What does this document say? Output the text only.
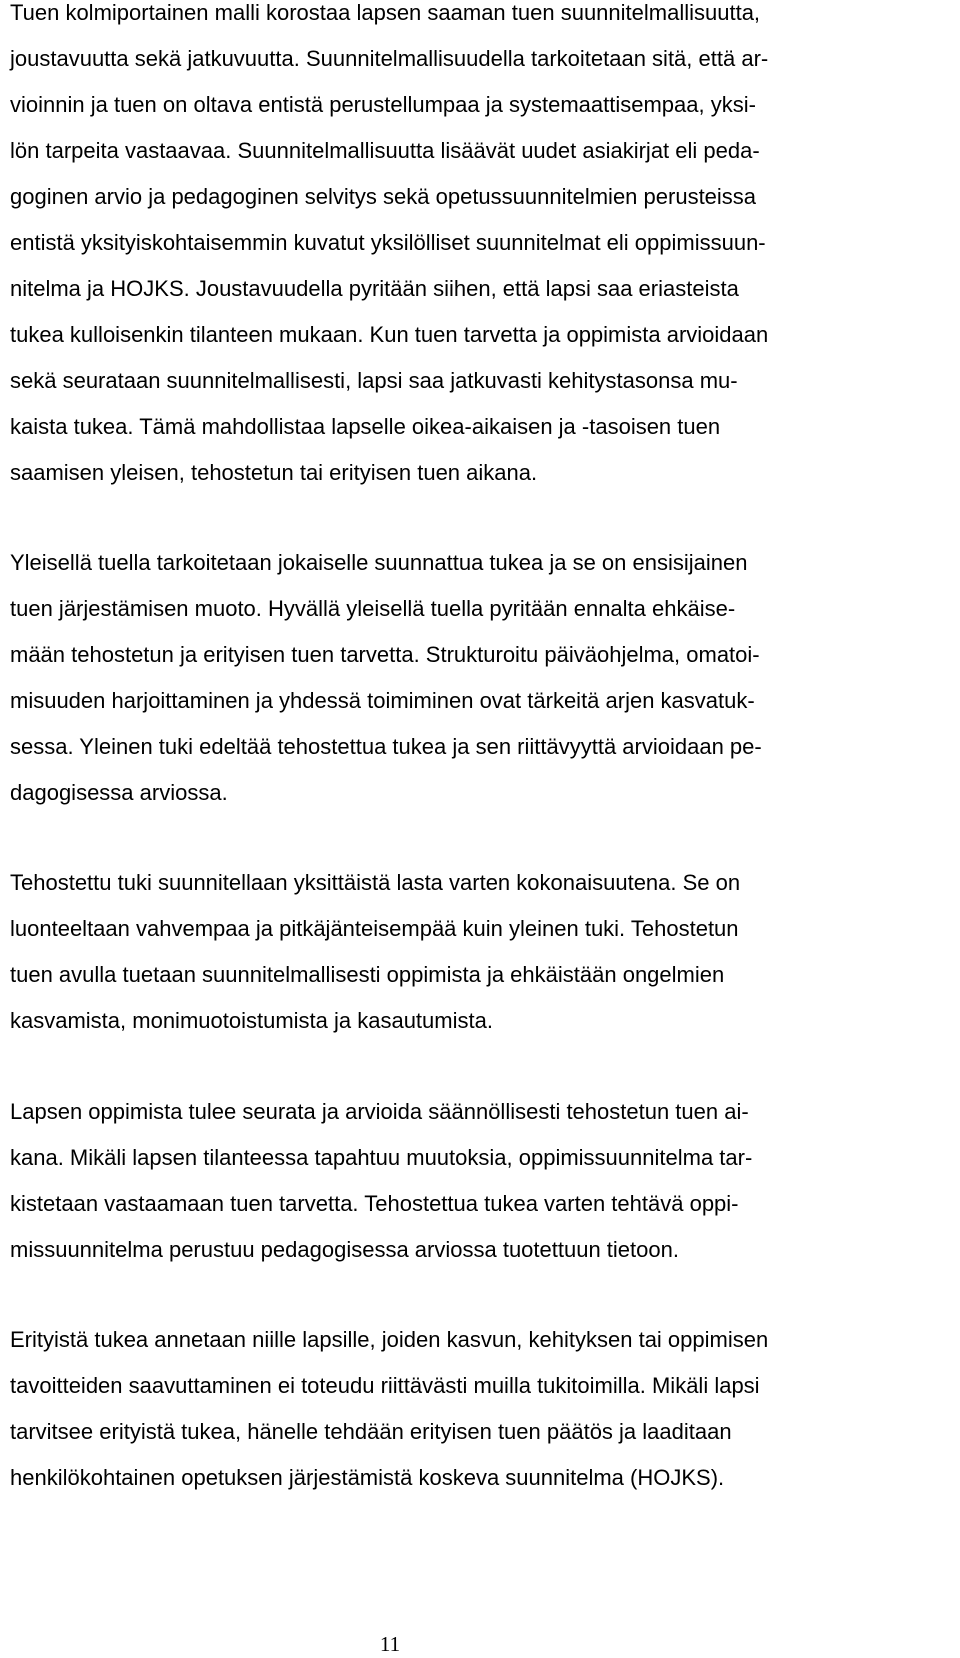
Tuen kolmiportainen malli korostaa lapsen saaman tuen suunnitelmallisuutta,
joustavuutta sekä jatkuvuutta. Suunnitelmallisuudella tarkoitetaan sitä, että ar-
vioinnin ja tuen on oltava entistä perustellumpaa ja systemaattisempaa, yksi-
lön tarpeita vastaavaa. Suunnitelmallisuutta lisäävät uudet asiakirjat eli peda-
goginen arvio ja pedagoginen selvitys sekä opetussuunnitelmien perusteissa
entistä yksityiskohtaisemmin kuvatut yksilölliset suunnitelmat eli oppimissuun-
nitelma ja HOJKS. Joustavuudella pyritään siihen, että lapsi saa eriasteista
tukea kulloisenkin tilanteen mukaan. Kun tuen tarvetta ja oppimista arvioidaan
sekä seurataan suunnitelmallisesti, lapsi saa jatkuvasti kehitystasonsa mu-
kaista tukea. Tämä mahdollistaa lapselle oikea-aikaisen ja -tasoisen tuen
saamisen yleisen, tehostetun tai erityisen tuen aikana.
Yleisellä tuella tarkoitetaan jokaiselle suunnattua tukea ja se on ensisijainen
tuen järjestämisen muoto. Hyvällä yleisellä tuella pyritään ennalta ehkäise-
mään tehostetun ja erityisen tuen tarvetta. Strukturoitu päiväohjelma, omatoi-
misuuden harjoittaminen ja yhdessä toimiminen ovat tärkeitä arjen kasvatuk-
sessa. Yleinen tuki edeltää tehostettua tukea ja sen riittävyyttä arvioidaan pe-
dagogisessa arviossa.
Tehostettu tuki suunnitellaan yksittäistä lasta varten kokonaisuutena. Se on
luonteeltaan vahvempaa ja pitkäjänteisempää kuin yleinen tuki. Tehostetun
tuen avulla tuetaan suunnitelmallisesti oppimista ja ehkäistään ongelmien
kasvamista, monimuotoistumista ja kasautumista.
Lapsen oppimista tulee seurata ja arvioida säännöllisesti tehostetun tuen ai-
kana. Mikäli lapsen tilanteessa tapahtuu muutoksia, oppimissuunnitelma tar-
kistetaan vastaamaan tuen tarvetta. Tehostettua tukea varten tehtävä oppi-
missuunnitelma perustuu pedagogisessa arviossa tuotettuun tietoon.
Erityistä tukea annetaan niille lapsille, joiden kasvun, kehityksen tai oppimisen
tavoitteiden saavuttaminen ei toteudu riittävästi muilla tukitoimilla. Mikäli lapsi
tarvitsee erityistä tukea, hänelle tehdään erityisen tuen päätös ja laaditaan
henkilökohtainen opetuksen järjestämistä koskeva suunnitelma (HOJKS).
11
